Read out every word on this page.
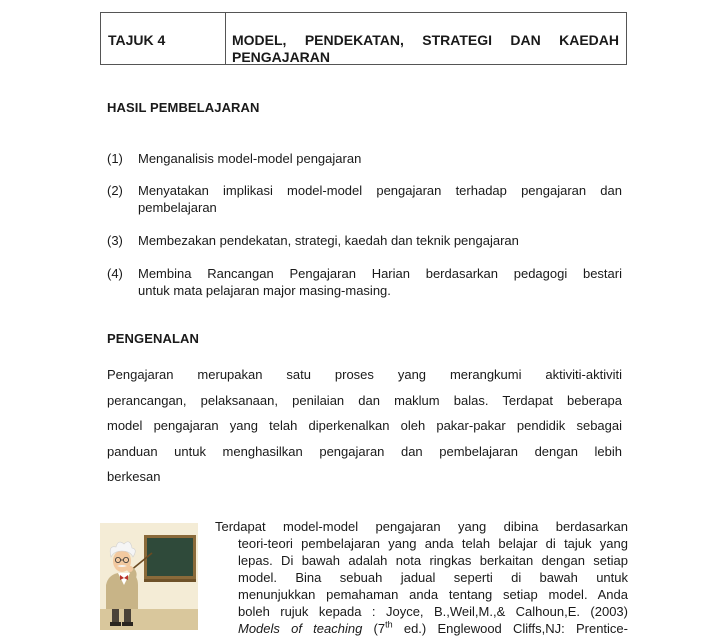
TAJUK 4	MODEL, PENDEKATAN, STRATEGI DAN KAEDAH
PENGAJARAN
HASIL PEMBELAJARAN
(1) Menganalisis model-model pengajaran
(2) Menyatakan implikasi model-model pengajaran terhadap pengajaran dan
pembelajaran
(3) Membezakan pendekatan, strategi, kaedah dan teknik pengajaran
(4) Membina Rancangan Pengajaran Harian berdasarkan pedagogi bestari
untuk mata pelajaran major masing-masing.
PENGENALAN
Pengajaran merupakan satu proses yang merangkumi aktiviti-aktiviti
perancangan, pelaksanaan, penilaian dan maklum balas. Terdapat beberapa
model pengajaran yang telah diperkenalkan oleh pakar-pakar pendidik sebagai
panduan untuk menghasilkan pengajaran dan pembelajaran dengan lebih
berkesan
Terdapat model-model pengajaran yang dibina berdasarkan
teori-teori pembelajaran yang anda telah belajar di tajuk yang
lepas. Di bawah adalah nota ringkas berkaitan dengan setiap
model. Bina sebuah jadual seperti di bawah untuk
menunjukkan pemahaman anda tentang setiap model. Anda
boleh rujuk kepada : Joyce, B.,Weil,M.,& Calhoun,E. (2003)
Models of teaching (7th ed.) Englewood Cliffs,NJ: Prentice-
